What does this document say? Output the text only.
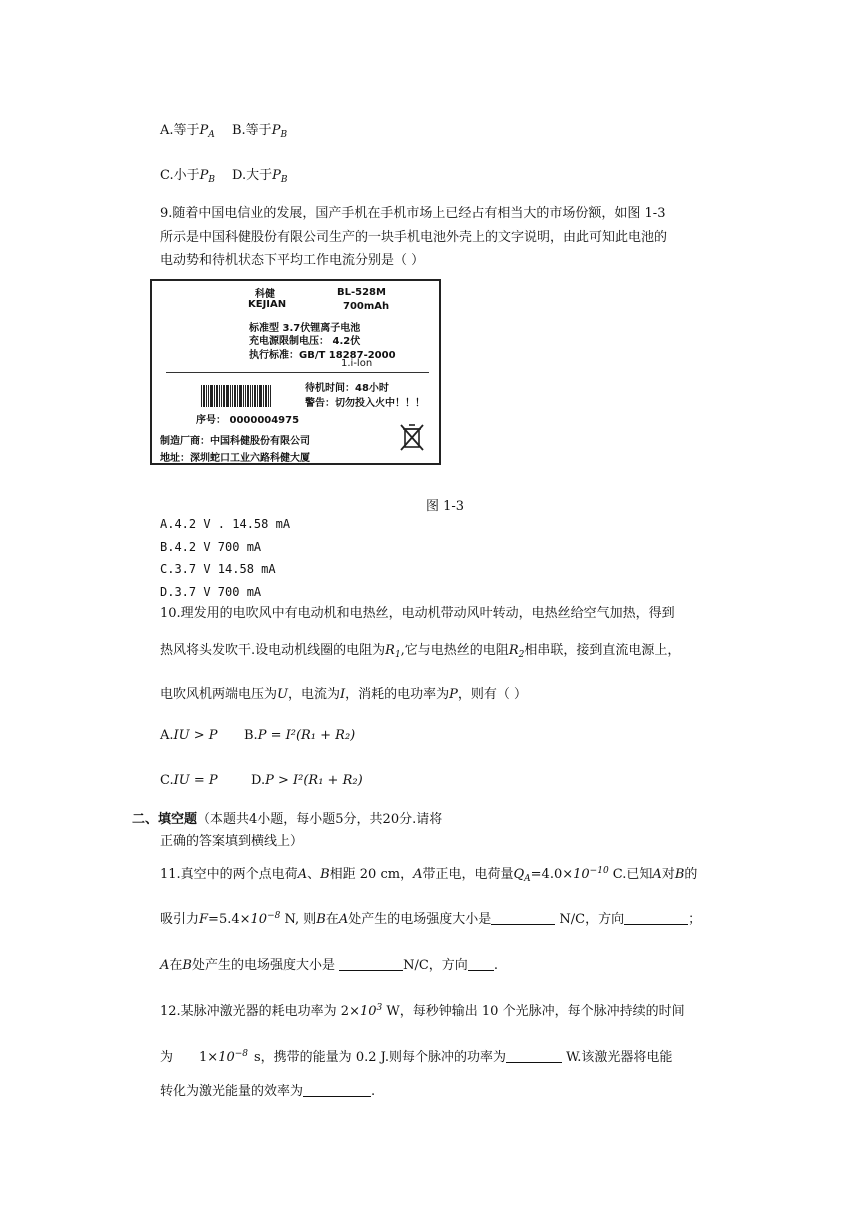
A.等于$P_A$ B.等于$P_B$
C.小于$P_B$ D.大于$P_B$
9.随着中国电信业的发展，国产手机在手机市场上已经占有相当大的市场份额，如图 1-3
所示是中国科健股份有限公司生产的一块手机电池外壳上的文字说明，由此可知此电池的
电动势和待机状态下平均工作电流分别是（ ）
科健
KEJIAN
BL-528M
700mAh
标准型 3.7伏锂离子电池
充电源限制电压： 4.2伏
执行标准：GB/T 18287-2000
1.i-lon
待机时间：48小时
警告：切勿投入火中！！！
序号： 0000004975
制造厂商：中国科健股份有限公司
地址：深圳蛇口工业六路科健大厦
图 1-3
A.4.2 V . 14.58 mA
B.4.2 V 700 mA
C.3.7 V 14.58 mA
D.3.7 V 700 mA
10.理发用的电吹风中有电动机和电热丝，电动机带动风叶转动，电热丝给空气加热，得到
热风将头发吹干.设电动机线圈的电阻为$R_1$,它与电热丝的电阻$R_2$相串联，接到直流电源上，
电吹风机两端电压为U，电流为I，消耗的电功率为P，则有（ ）
A.IU > P B.P = I²(R₁ + R₂)
C.IU = P	D.P > I²(R₁ + R₂)
二、填空题（本题共4小题，每小题5分，共20分.请将
正确的答案填到横线上）
11.真空中的两个点电荷A、B相距 20 cm，A带正电，电荷量$Q_A=4.0\times 10^{-10}$ C.已知A对B的
吸引力$F=5.4\times 10^{-8}$ N, 则B在A处产生的电场强度大小是	N/C，方向	；
A在B处产生的电场强度大小是	N/C，方向 .
12.某脉冲激光器的耗电功率为 $2\times 10^3$ W，每秒钟输出 10 个光脉冲，每个脉冲持续的时间
为 $1\times 10^{-8}$ s，携带的能量为 0.2 J.则每个脉冲的功率为	W.该激光器将电能
转化为激光能量的效率为	.
